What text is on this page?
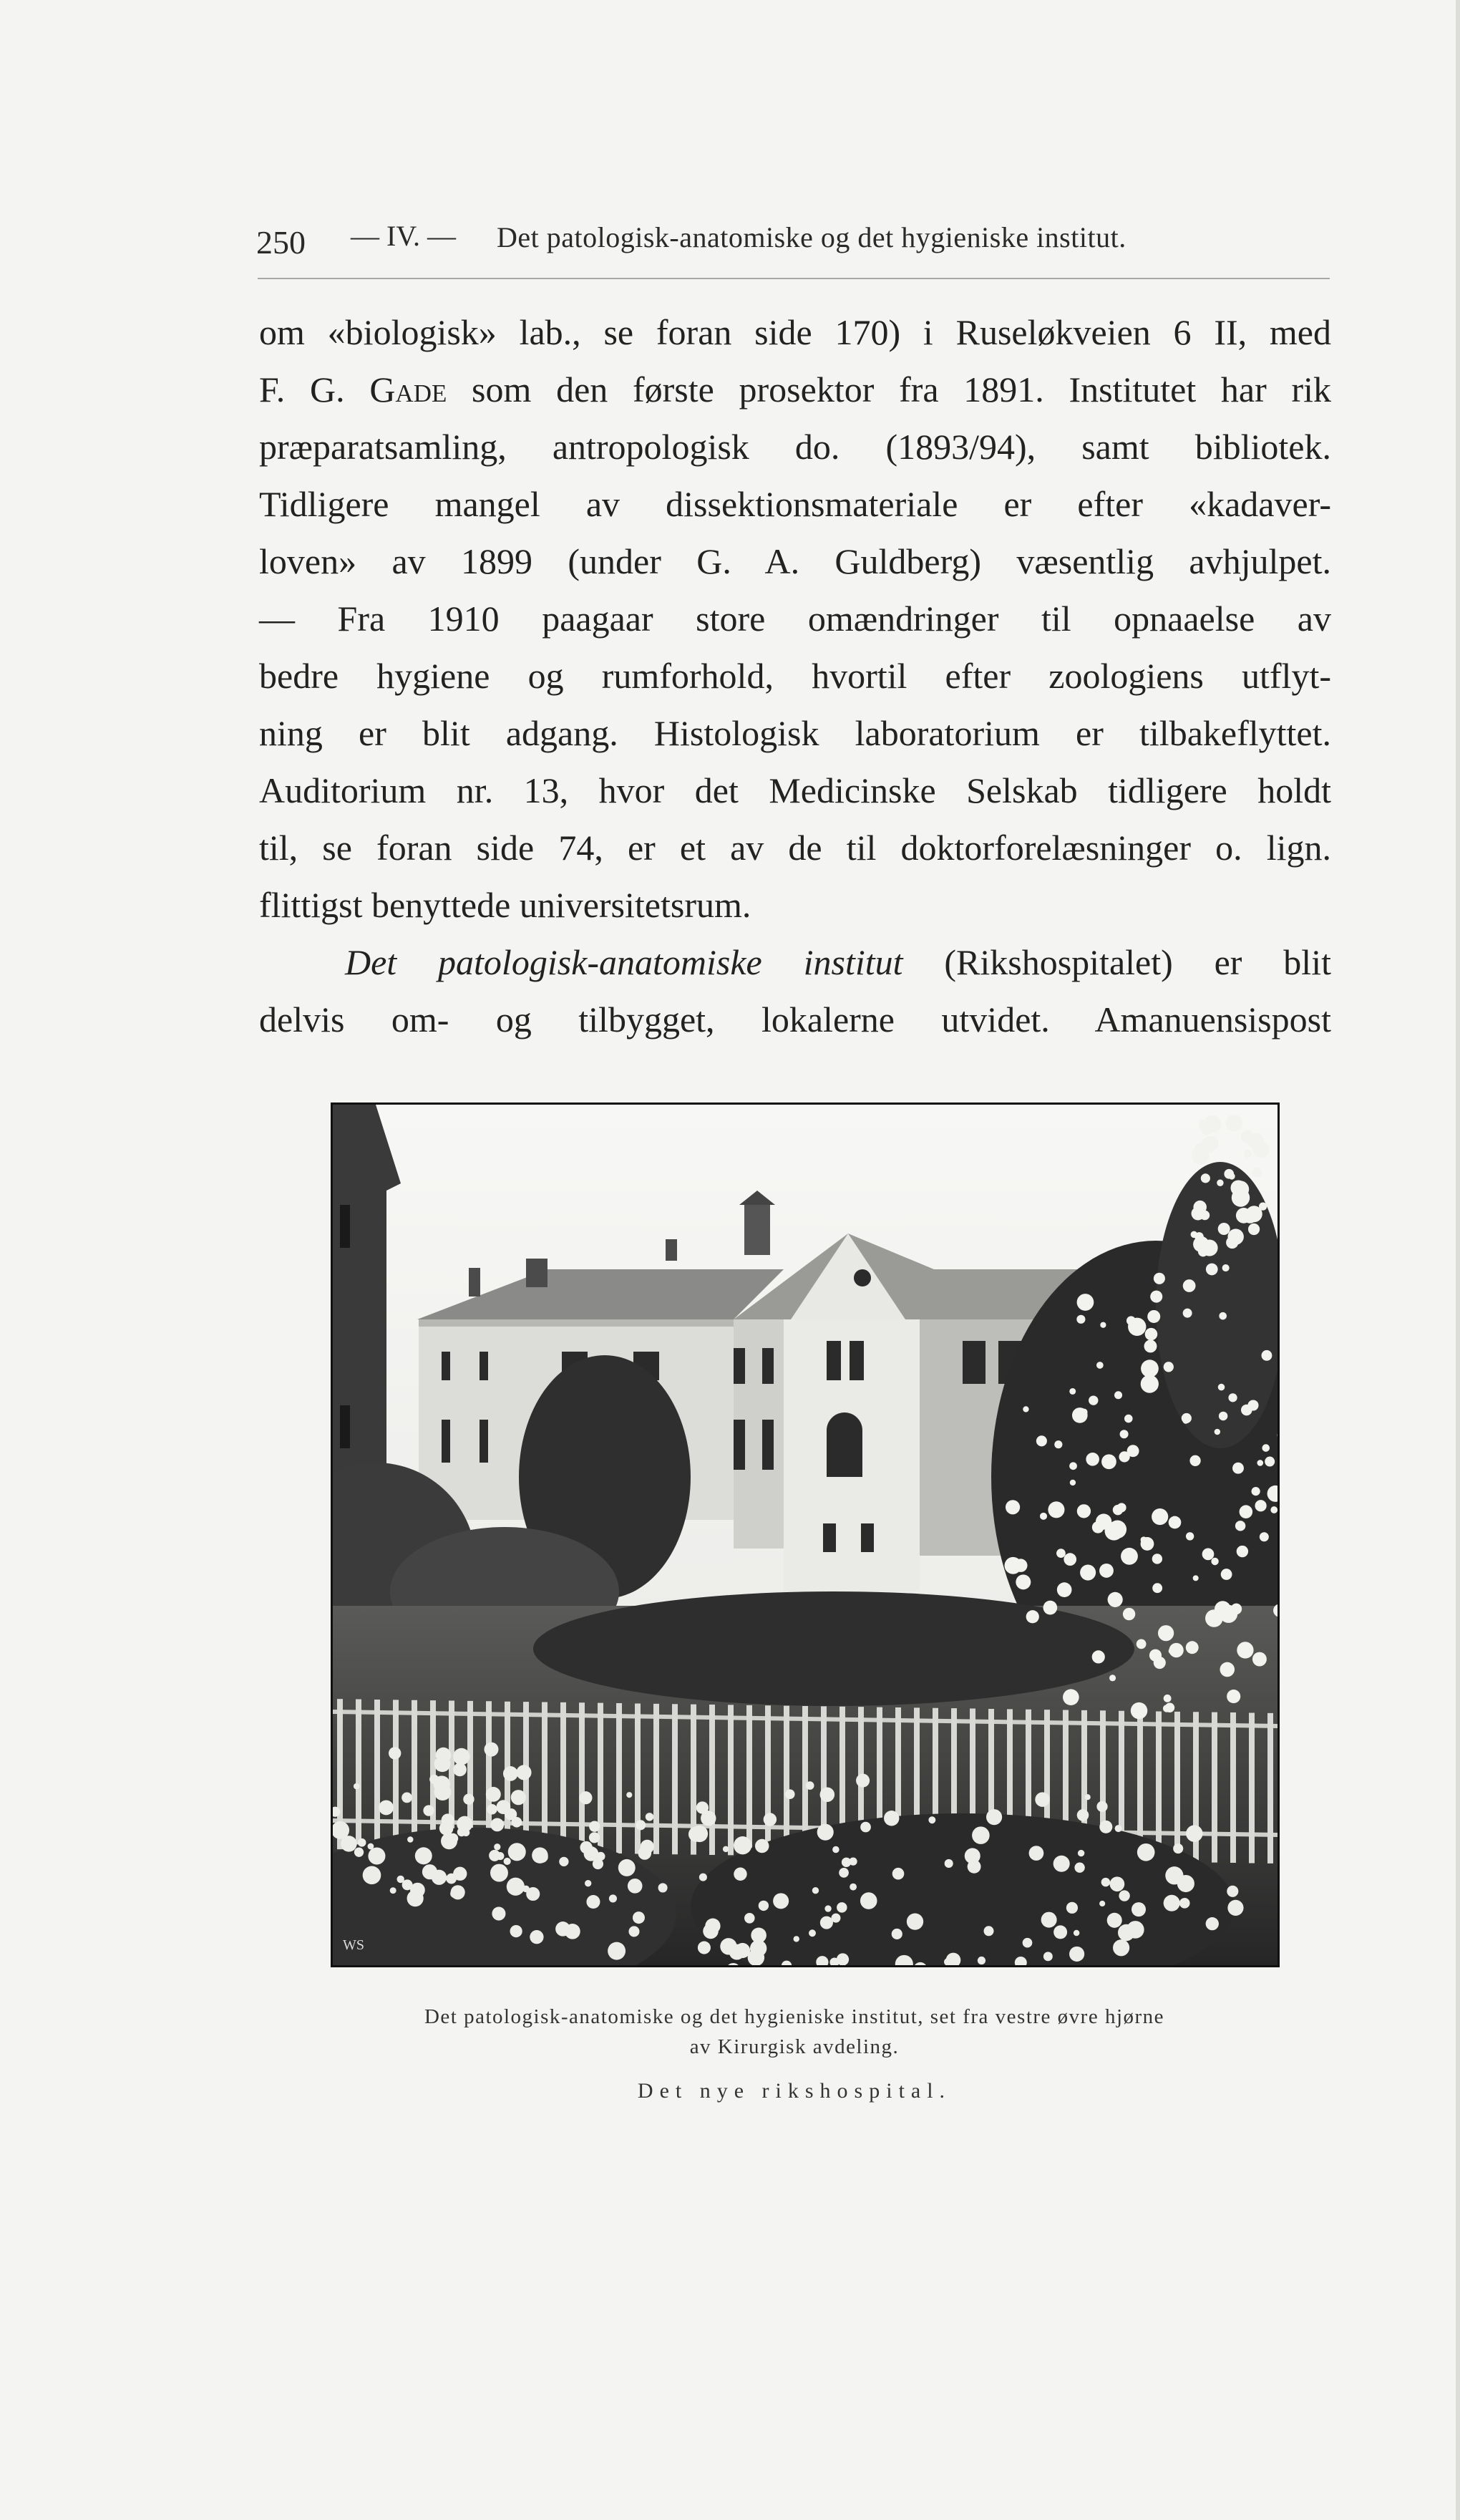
250 — IV. — Det patologisk-anatomiske og det hygieniske institut.
om «biologisk» lab., se foran side 170) i Ruseløkveien 6 II, med
F. G. Gade som den første prosektor fra 1891. Institutet har rik
præparatsamling, antropologisk do. (1893/94), samt bibliotek.
Tidligere mangel av dissektionsmateriale er efter «kadaver-
loven» av 1899 (under G. A. Guldberg) væsentlig avhjulpet.
— Fra 1910 paagaar store omændringer til opnaaelse av
bedre hygiene og rumforhold, hvortil efter zoologiens utflyt-
ning er blit adgang. Histologisk laboratorium er tilbakeflyttet.
Auditorium nr. 13, hvor det Medicinske Selskab tidligere holdt
til, se foran side 74, er et av de til doktorforelæsninger o. lign.
flittigst benyttede universitetsrum.
Det patologisk-anatomiske institut (Rikshospitalet) er blit
delvis om- og tilbygget, lokalerne utvidet. Amanuensispost
WS
Det patologisk-anatomiske og det hygieniske institut, set fra vestre øvre hjørne
av Kirurgisk avdeling.
Det nye rikshospital.
